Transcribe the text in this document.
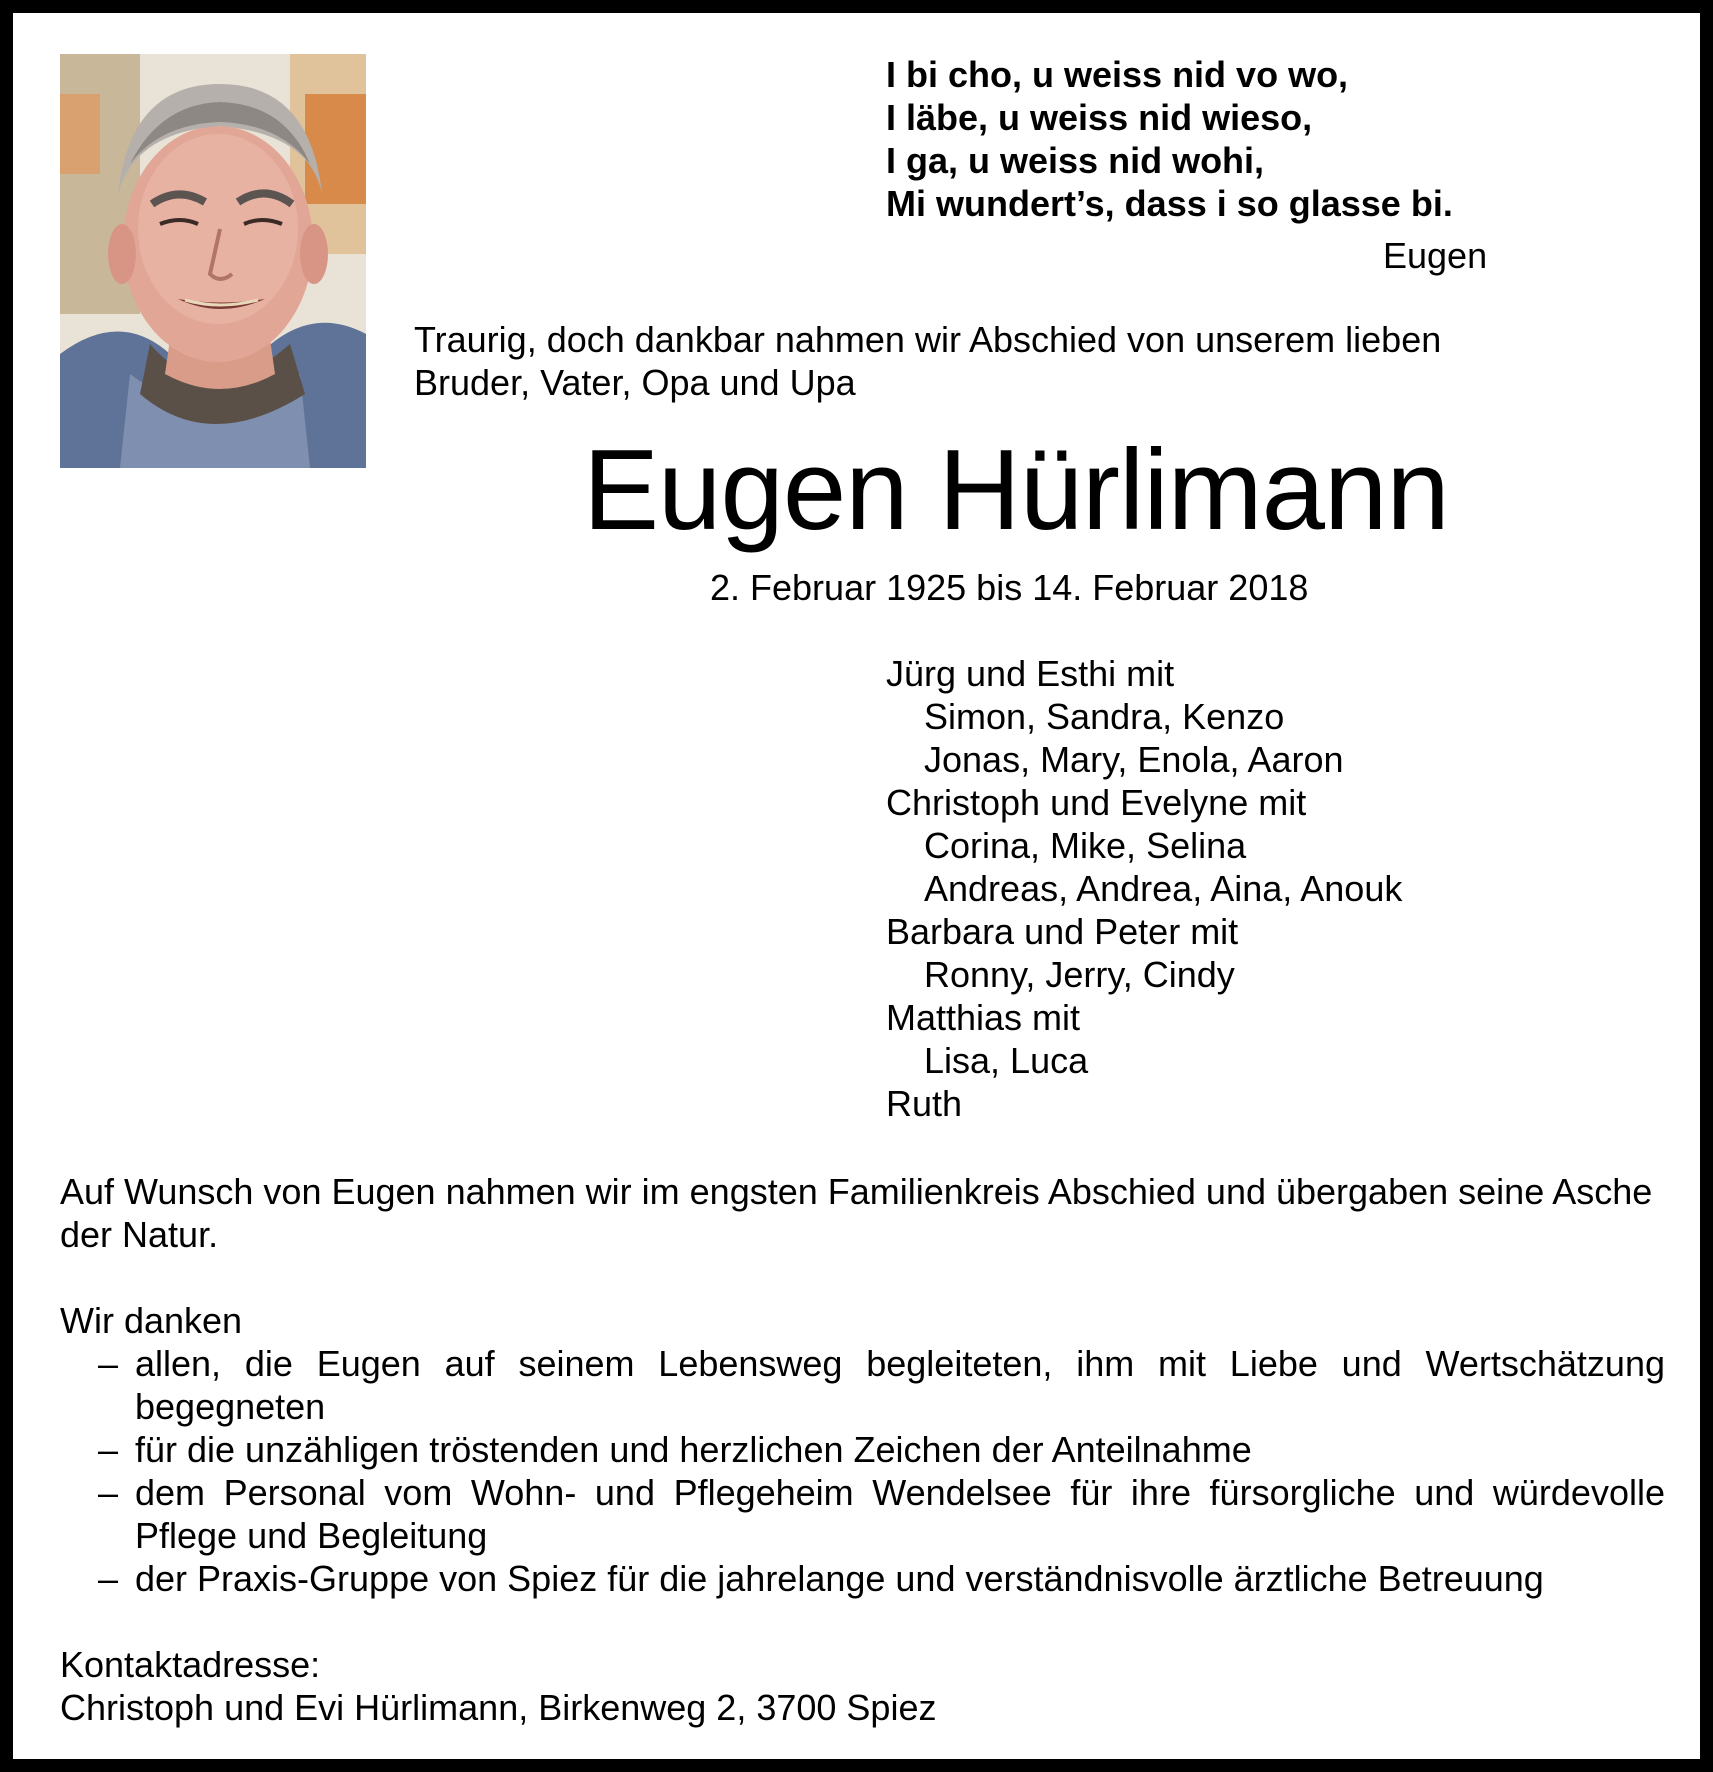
I bi cho, u weiss nid vo wo,
I läbe, u weiss nid wieso,
I ga, u weiss nid wohi,
Mi wundert’s, dass i so glasse bi.
Eugen
Traurig, doch dankbar nahmen wir Abschied von unserem lieben
Bruder, Vater, Opa und Upa
Eugen Hürlimann
2. Februar 1925 bis 14. Februar 2018
Jürg und Esthi mit
Simon, Sandra, Kenzo
Jonas, Mary, Enola, Aaron
Christoph und Evelyne mit
Corina, Mike, Selina
Andreas, Andrea, Aina, Anouk
Barbara und Peter mit
Ronny, Jerry, Cindy
Matthias mit
Lisa, Luca
Ruth
Auf Wunsch von Eugen nahmen wir im engsten Familienkreis Abschied und übergaben seine Asche der Natur.
Wir danken
– allen, die Eugen auf seinem Lebensweg begleiteten, ihm mit Liebe und Wertschätzung begegneten
– für die unzähligen tröstenden und herzlichen Zeichen der Anteilnahme
– dem Personal vom Wohn- und Pflegeheim Wendelsee für ihre fürsorgliche und würdevolle Pflege und Begleitung
– der Praxis-Gruppe von Spiez für die jahrelange und verständnisvolle ärztliche Betreuung
Kontaktadresse:
Christoph und Evi Hürlimann, Birkenweg 2, 3700 Spiez
